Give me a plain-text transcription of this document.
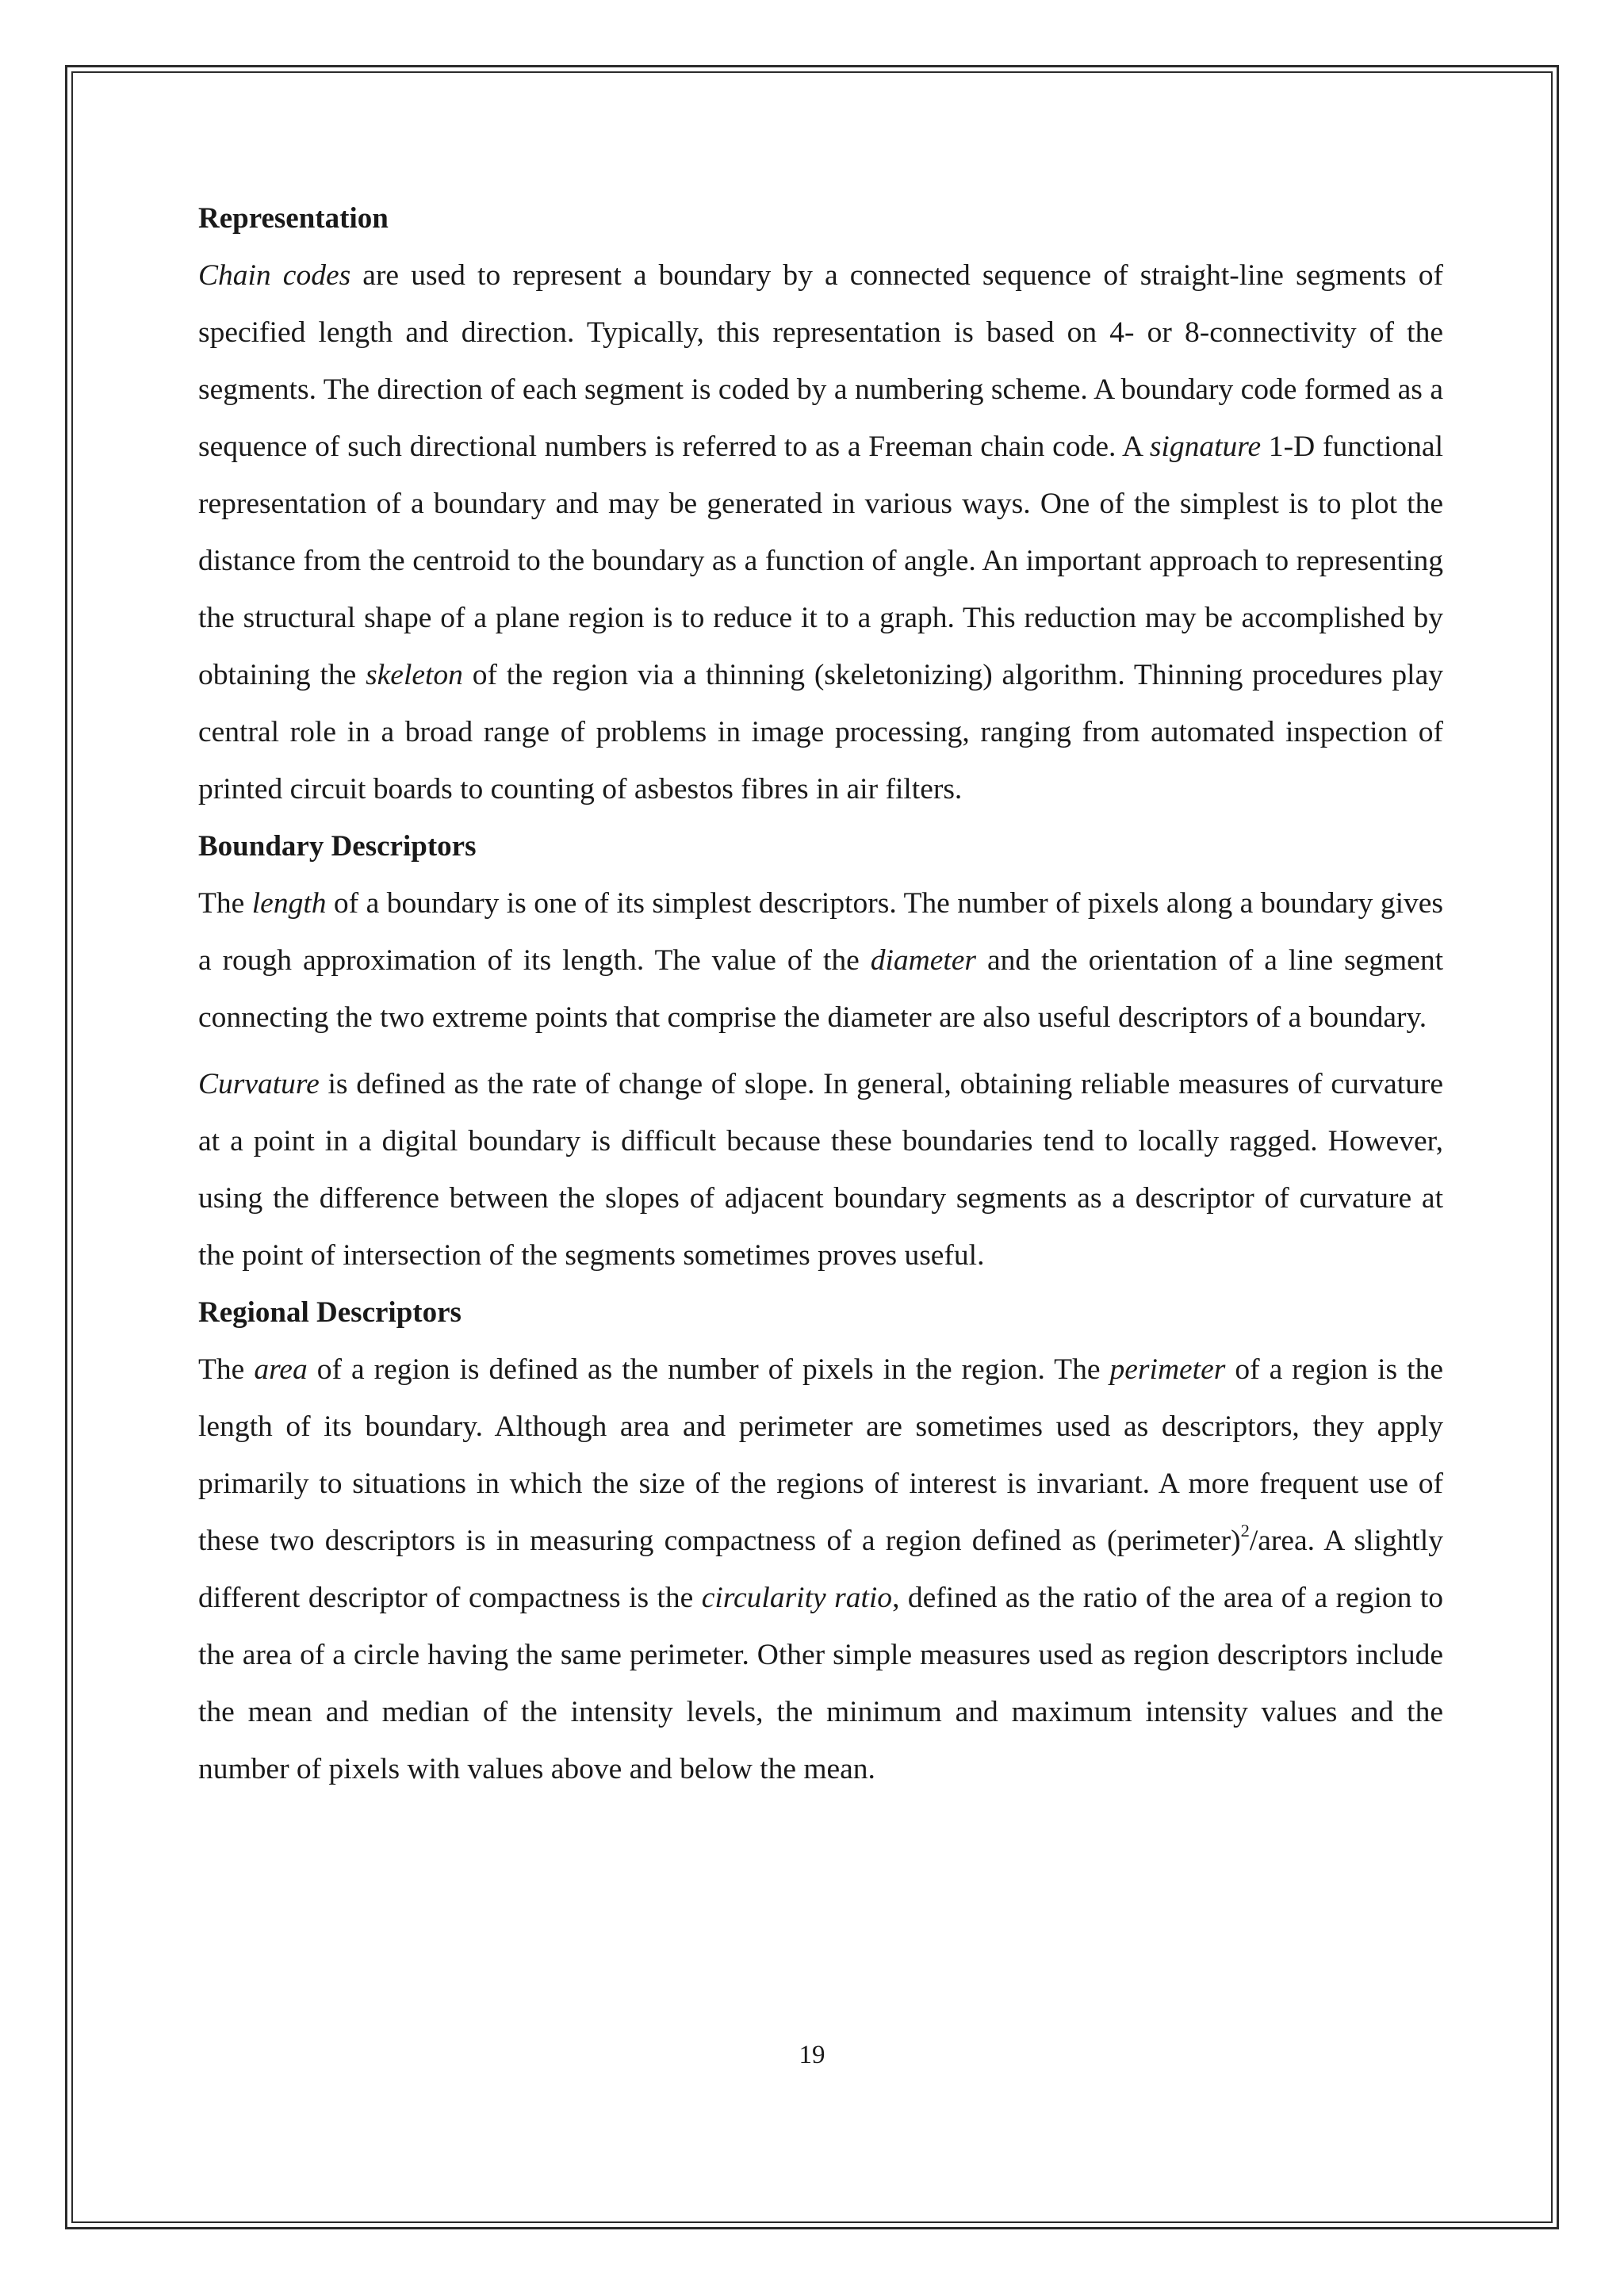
Representation

Chain codes are used to represent a boundary by a connected sequence of straight-line segments of specified length and direction. Typically, this representation is based on 4- or 8-connectivity of the segments. The direction of each segment is coded by a numbering scheme. A boundary code formed as a sequence of such directional numbers is referred to as a Freeman chain code. A signature 1-D functional representation of a boundary and may be generated in various ways. One of the simplest is to plot the distance from the centroid to the boundary as a function of angle. An important approach to representing the structural shape of a plane region is to reduce it to a graph. This reduction may be accomplished by obtaining the skeleton of the region via a thinning (skeletonizing) algorithm. Thinning procedures play central role in a broad range of problems in image processing, ranging from automated inspection of printed circuit boards to counting of asbestos fibres in air filters.

Boundary Descriptors

The length of a boundary is one of its simplest descriptors. The number of pixels along a boundary gives a rough approximation of its length. The value of the diameter and the orientation of a line segment connecting the two extreme points that comprise the diameter are also useful descriptors of a boundary.

Curvature is defined as the rate of change of slope. In general, obtaining reliable measures of curvature at a point in a digital boundary is difficult because these boundaries tend to locally ragged. However, using the difference between the slopes of adjacent boundary segments as a descriptor of curvature at the point of intersection of the segments sometimes proves useful.

Regional Descriptors

The area of a region is defined as the number of pixels in the region. The perimeter of a region is the length of its boundary. Although area and perimeter are sometimes used as descriptors, they apply primarily to situations in which the size of the regions of interest is invariant. A more frequent use of these two descriptors is in measuring compactness of a region defined as (perimeter)$^2$/area. A slightly different descriptor of compactness is the circularity ratio, defined as the ratio of the area of a region to the area of a circle having the same perimeter. Other simple measures used as region descriptors include the mean and median of the intensity levels, the minimum and maximum intensity values and the number of pixels with values above and below the mean.

19
